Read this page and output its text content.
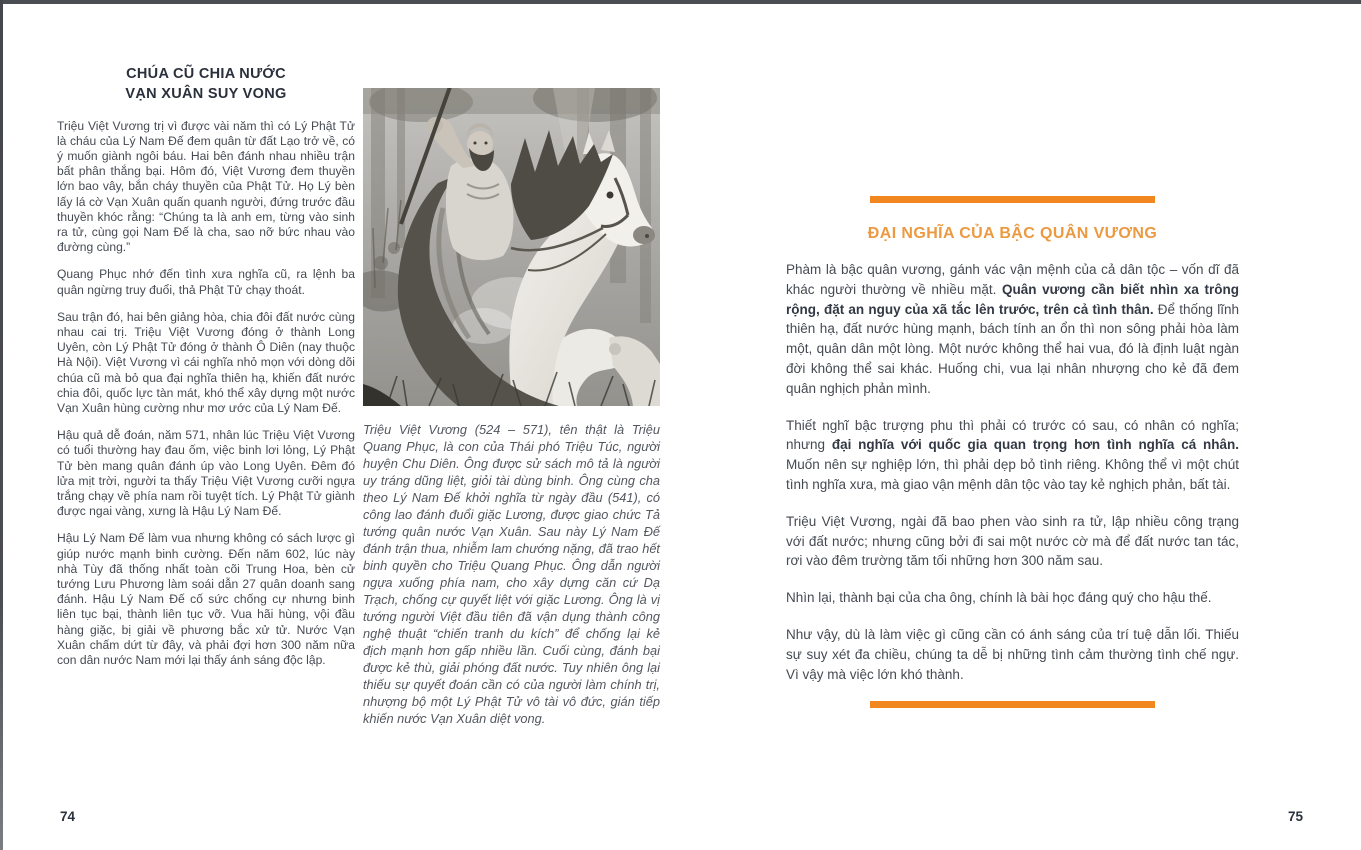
CHÚA CŨ CHIA NƯỚC
VẠN XUÂN SUY VONG

Triệu Việt Vương trị vì được vài năm thì có Lý Phật Tử là cháu của Lý Nam Đế đem quân từ đất Lạo trở về, có ý muốn giành ngôi báu. Hai bên đánh nhau nhiều trận bất phân thắng bại. Hôm đó, Việt Vương đem thuyền lớn bao vây, bắn cháy thuyền của Phật Tử. Họ Lý bèn lấy lá cờ Vạn Xuân quấn quanh người, đứng trước đầu thuyền khóc rằng: “Chúng ta là anh em, từng vào sinh ra tử, cùng gọi Nam Đế là cha, sao nỡ bức nhau vào đường cùng.”

Quang Phục nhớ đến tình xưa nghĩa cũ, ra lệnh ba quân ngừng truy đuổi, thả Phật Tử chạy thoát.

Sau trận đó, hai bên giảng hòa, chia đôi đất nước cùng nhau cai trị. Triệu Việt Vương đóng ở thành Long Uyên, còn Lý Phật Tử đóng ở thành Ô Diên (nay thuộc Hà Nội). Việt Vương vì cái nghĩa nhỏ mọn với dòng dõi chúa cũ mà bỏ qua đại nghĩa thiên hạ, khiến đất nước chia đôi, quốc lực tàn mát, khó thể xây dựng một nước Vạn Xuân hùng cường như mơ ước của Lý Nam Đế.

Hậu quả dễ đoán, năm 571, nhân lúc Triệu Việt Vương có tuổi thường hay đau ốm, việc binh lơi lỏng, Lý Phật Tử bèn mang quân đánh úp vào Long Uyên. Đêm đó lửa mịt trời, người ta thấy Triệu Việt Vương cưỡi ngựa trắng chạy về phía nam rồi tuyệt tích. Lý Phật Tử giành được ngai vàng, xưng là Hậu Lý Nam Đế.

Hậu Lý Nam Đế làm vua nhưng không có sách lược gì giúp nước mạnh binh cường. Đến năm 602, lúc này nhà Tùy đã thống nhất toàn cõi Trung Hoa, bèn cử tướng Lưu Phương làm soái dẫn 27 quân doanh sang đánh. Hậu Lý Nam Đế cố sức chống cự nhưng binh liên tục bại, thành liên tục vỡ. Vua hãi hùng, vội đầu hàng giặc, bị giải về phương bắc xử tử. Nước Vạn Xuân chấm dứt từ đây, và phải đợi hơn 300 năm nữa con dân nước Nam mới lại thấy ánh sáng độc lập.

Triệu Việt Vương (524 – 571), tên thật là Triệu Quang Phục, là con của Thái phó Triệu Túc, người huyện Chu Diên. Ông được sử sách mô tả là người uy tráng dũng liệt, giỏi tài dùng binh. Ông cùng cha theo Lý Nam Đế khởi nghĩa từ ngày đầu (541), có công lao đánh đuổi giặc Lương, được giao chức Tả tướng quân nước Vạn Xuân. Sau này Lý Nam Đế đánh trận thua, nhiễm lam chướng nặng, đã trao hết binh quyền cho Triệu Quang Phục. Ông dẫn người ngựa xuống phía nam, cho xây dựng căn cứ Dạ Trạch, chống cự quyết liệt với giặc Lương. Ông là vị tướng người Việt đầu tiên đã vận dụng thành công nghệ thuật “chiến tranh du kích” để chống lại kẻ địch mạnh hơn gấp nhiều lần. Cuối cùng, đánh bại được kẻ thù, giải phóng đất nước. Tuy nhiên ông lại thiếu sự quyết đoán cần có của người làm chính trị, nhượng bộ một Lý Phật Tử vô tài vô đức, gián tiếp khiến nước Vạn Xuân diệt vong.

ĐẠI NGHĨA CỦA BẬC QUÂN VƯƠNG

Phàm là bậc quân vương, gánh vác vận mệnh của cả dân tộc – vốn dĩ đã khác người thường về nhiều mặt. Quân vương cần biết nhìn xa trông rộng, đặt an nguy của xã tắc lên trước, trên cả tình thân. Để thống lĩnh thiên hạ, đất nước hùng mạnh, bách tính an ổn thì non sông phải hòa làm một, quân dân một lòng. Một nước không thể hai vua, đó là định luật ngàn đời không thể sai khác. Huống chi, vua lại nhân nhượng cho kẻ đã đem quân nghịch phản mình.

Thiết nghĩ bậc trượng phu thì phải có trước có sau, có nhân có nghĩa; nhưng đại nghĩa với quốc gia quan trọng hơn tình nghĩa cá nhân. Muốn nên sự nghiệp lớn, thì phải dẹp bỏ tình riêng. Không thể vì một chút tình nghĩa xưa, mà giao vận mệnh dân tộc vào tay kẻ nghịch phản, bất tài.

Triệu Việt Vương, ngài đã bao phen vào sinh ra tử, lập nhiều công trạng với đất nước; nhưng cũng bởi đi sai một nước cờ mà để đất nước tan tác, rơi vào đêm trường tăm tối những hơn 300 năm sau.

Nhìn lại, thành bại của cha ông, chính là bài học đáng quý cho hậu thế.

Như vậy, dù là làm việc gì cũng cần có ánh sáng của trí tuệ dẫn lối. Thiếu sự suy xét đa chiều, chúng ta dễ bị những tình cảm thường tình chế ngự. Vì vậy mà việc lớn khó thành.

74	75
